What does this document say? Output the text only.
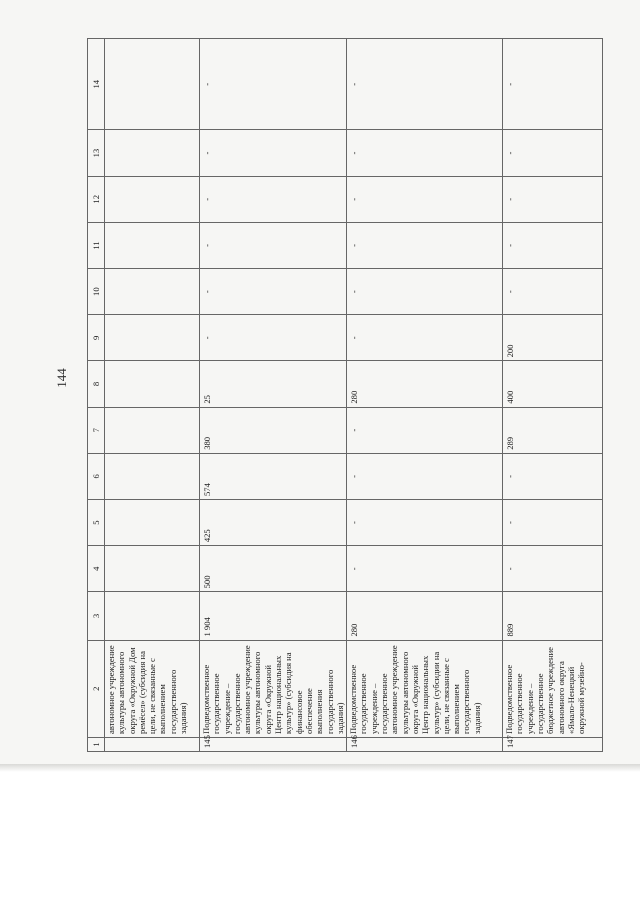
144
1	2	3	4	5	6	7	8	9	10	11	12	13	14
	автономное учреждение культуры автономного округа «Окружной Дом ремёсел» (субсидия на цели, не связанные с выполнением государственного задания)												
145	Подведомственное государственное учреждение – государственное автономное учреждение культуры автономного округа «Окружной Центр национальных культур» (субсидия на финансовое обеспечение выполнения государственного задания)	1 904	500	425	574	380	25	-	-	-	-	-	-
146	Подведомственное государственное учреждение – государственное автономное учреждение культуры автономного округа «Окружной Центр национальных культур» (субсидии на цели, не связанные с выполнением государственного задания)	280	-	-	-	-	280	-	-	-	-	-	-
147	Подведомственное государственное учреждение – государственное бюджетное учреждение автономного округа «Ямало-Ненецкий окружной музейно-	889	-	-	-	289	400	200	-	-	-	-	-
